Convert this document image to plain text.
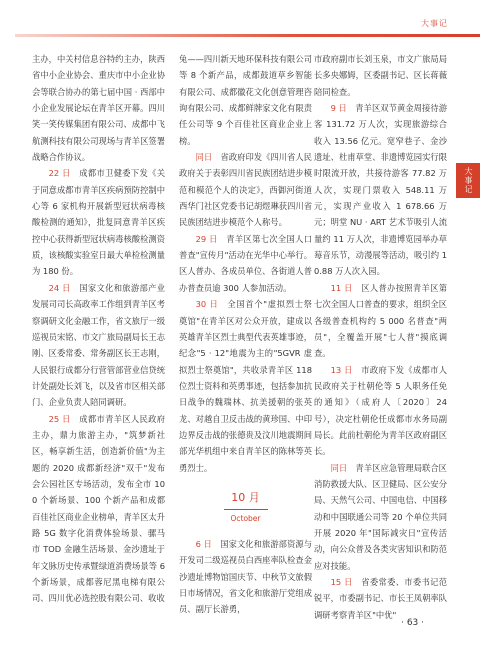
大事记
大事记

主办，中关村信息谷特约主办，陕西省中小企业协会、重庆市中小企业协会等联合协办的第七届中国 · 西部中小企业发展论坛在青羊区开幕。四川笑一笑传媒集团有限公司、成都中飞航测科技有限公司现场与青羊区签署战略合作协议。

22 日  成都市卫健委下发《关于同意成都市青羊区疾病预防控制中心等 6 家机构开展新型冠状病毒核酸检测的通知》，批复同意青羊区疾控中心获得新型冠状病毒核酸检测资质，该核酸实验室日最大单检检测量为 180 份。

24 日  国家文化和旅游部产业发展司司长高政率工作组到青羊区考察调研文化金融工作，省文旅厅一级巡视员宋铭、市文广旅局副局长王志刚、区委常委、常务副区长王志刚，人民银行成都分行营管部营业信贷统计处副处长刘飞，以及省市区相关部门、企业负责人陪同调研。

25 日  成都市青羊区人民政府主办，鼎力旅游主办，"筑梦新社区，畅享新生活，创造新价值"为主题的 2020 成都新经济"双千"发布会公园社区专场活动，发布全市 100 个新场景、100 个新产品和成都百佳社区商业企业榜单，青羊区太升路 5G 数字化消费体验场景、骡马市 TOD 金融生活场景、金沙遗址于年文脉历史传承暨绿道消费场景等 6 个新场景，成都蓉尼黑电梯有限公司、四川优必选控股有限公司、收收

兔——四川新天地环保科技有限公司等 8 个新产品，成都鼓道草乡智能有限公司、成都徽花文化创意管理咨询有限公司、成都鲜牌家文化有限责任公司等 9 个百佳社区商业企业上榜。

同日  省政府印发《四川省人民政府关于表彰四川省民族团结进步模范和模范个人的决定》，西御河街道西华门社区党委书记胡煜琳获四川省民族团结进步模范个人称号。

29 日  青羊区第七次全国人口普查"宣传月"活动在光华中心举行。区人普办、各成员单位、各街道人普办普查员逾 300 人参加活动。

30 日  全国首个"虚拟烈士祭奠馆"在青羊区对公众开放，建成以英雄青羊区烈士典型代表英雄事迹，纪念"5 · 12"地震为主的"5GVR 虚拟烈士祭奠馆"，共收录青羊区 118 位烈士资料和英勇事迹，包括参加抗日战争的魏瑞林、抗美援朝的张英龙、对越自卫反击战的黄珍国、中印边界反击战的张德贵及汶川地震期间部光华机组中来自青羊区的陈林等英勇烈士。

10 月
October

6 日  国家文化和旅游部资源与开发司二级巡视员白西座率队检查金沙遗址博物馆国庆节、中秋节文旅假日市场情况，省文化和旅游厅党组成员、副厅长游勇，

市政府副市长刘玉泉，市文广旅局局长多央娜姆，区委副书记、区长蒋薇陪同检查。

9 日  青羊区双节黄金周接待游客 131.72 万人次，实现旅游综合收入 13.56 亿元。宽窄巷子、金沙遗址、杜甫草堂、非遗博览园实行限时限流开放，共接待游客 77.82 万人次，实现门票收入 548.11 万元，实现产业收入 1 678.66 万元；明堂 NU · ART 艺术节吸引人流量约 11 万人次，非遗博览园举办草莓音乐节，动漫展等活动，吸引约 10.88 万人次入园。

11 日  区人普办按照青羊区第七次全国人口普查的要求，组织全区各级普查机构约 5 000 名普查"两员"，全覆盖开展"七人普"摸底调查。

13 日  市政府下发《成都市人民政府关于杜朝伦等 5 人职务任免的通知》（成府人〔2020〕24 号），决定杜朝伦任成都市水务局副局长。此前杜朝伦为青羊区政府副区长。

同日  青羊区应急管理局联合区消防救援大队、区卫健局、区公安分局、天然气公司、中国电信、中国移动和中国联通公司等 20 个单位共同开展 2020 年"国际减灾日"宣传活动，向公众普及各类灾害知识和防范应对技能。

15 日  省委常委、市委书记范锐平，市委副书记、市长王凤朝率队调研考察青羊区"中优"

· 63 ·
